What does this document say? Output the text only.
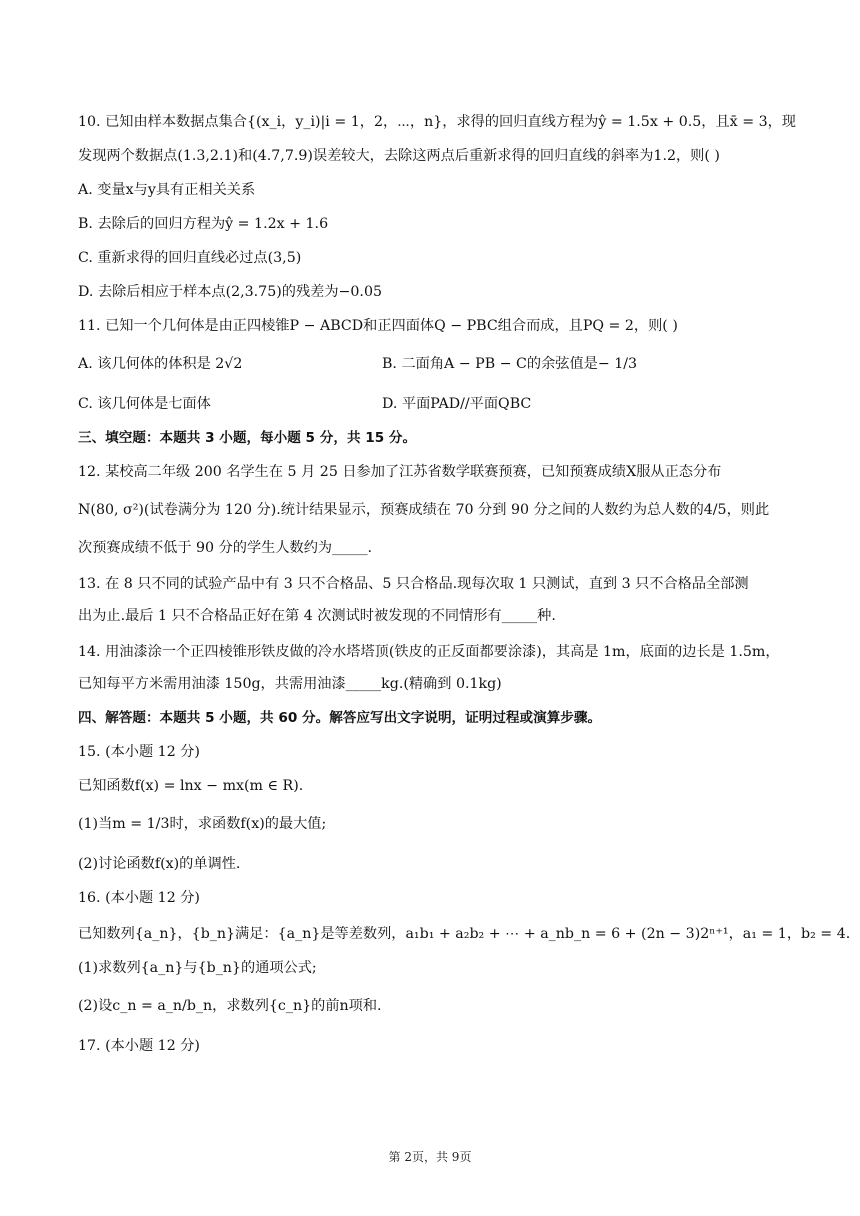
10. 已知由样本数据点集合{(x_i，y_i)|i = 1，2，⋯，n}，求得的回归直线方程为ŷ = 1.5x + 0.5，且x̄ = 3，现
发现两个数据点(1.3,2.1)和(4.7,7.9)误差较大，去除这两点后重新求得的回归直线的斜率为1.2，则( )
A. 变量x与y具有正相关关系
B. 去除后的回归方程为ŷ = 1.2x + 1.6
C. 重新求得的回归直线必过点(3,5)
D. 去除后相应于样本点(2,3.75)的残差为−0.05
11. 已知一个几何体是由正四棱锥P − ABCD和正四面体Q − PBC组合而成，且PQ = 2，则( )
A. 该几何体的体积是 2√2	B. 二面角A − PB − C的余弦值是− 1/3
C. 该几何体是七面体	D. 平面PAD//平面QBC
三、填空题：本题共 3 小题，每小题 5 分，共 15 分。
12. 某校高二年级 200 名学生在 5 月 25 日参加了江苏省数学联赛预赛，已知预赛成绩X服从正态分布
N(80, σ²)(试卷满分为 120 分).统计结果显示，预赛成绩在 70 分到 90 分之间的人数约为总人数的4/5，则此
次预赛成绩不低于 90 分的学生人数约为_____.
13. 在 8 只不同的试验产品中有 3 只不合格品、5 只合格品.现每次取 1 只测试，直到 3 只不合格品全部测
出为止.最后 1 只不合格品正好在第 4 次测试时被发现的不同情形有_____种.
14. 用油漆涂一个正四棱锥形铁皮做的冷水塔塔顶(铁皮的正反面都要涂漆)，其高是 1m，底面的边长是 1.5m，
已知每平方米需用油漆 150g，共需用油漆_____kg.(精确到 0.1kg)
四、解答题：本题共 5 小题，共 60 分。解答应写出文字说明，证明过程或演算步骤。
15. (本小题 12 分)
已知函数f(x) = lnx − mx(m ∈ R).
(1)当m = 1/3时，求函数f(x)的最大值;
(2)讨论函数f(x)的单调性.
16. (本小题 12 分)
已知数列{a_n}，{b_n}满足：{a_n}是等差数列，a₁b₁ + a₂b₂ + ⋯ + a_nb_n = 6 + (2n − 3)2ⁿ⁺¹，a₁ = 1，b₂ = 4.
(1)求数列{a_n}与{b_n}的通项公式;
(2)设c_n = a_n/b_n，求数列{c_n}的前n项和.
17. (本小题 12 分)
第 2页，共 9页
